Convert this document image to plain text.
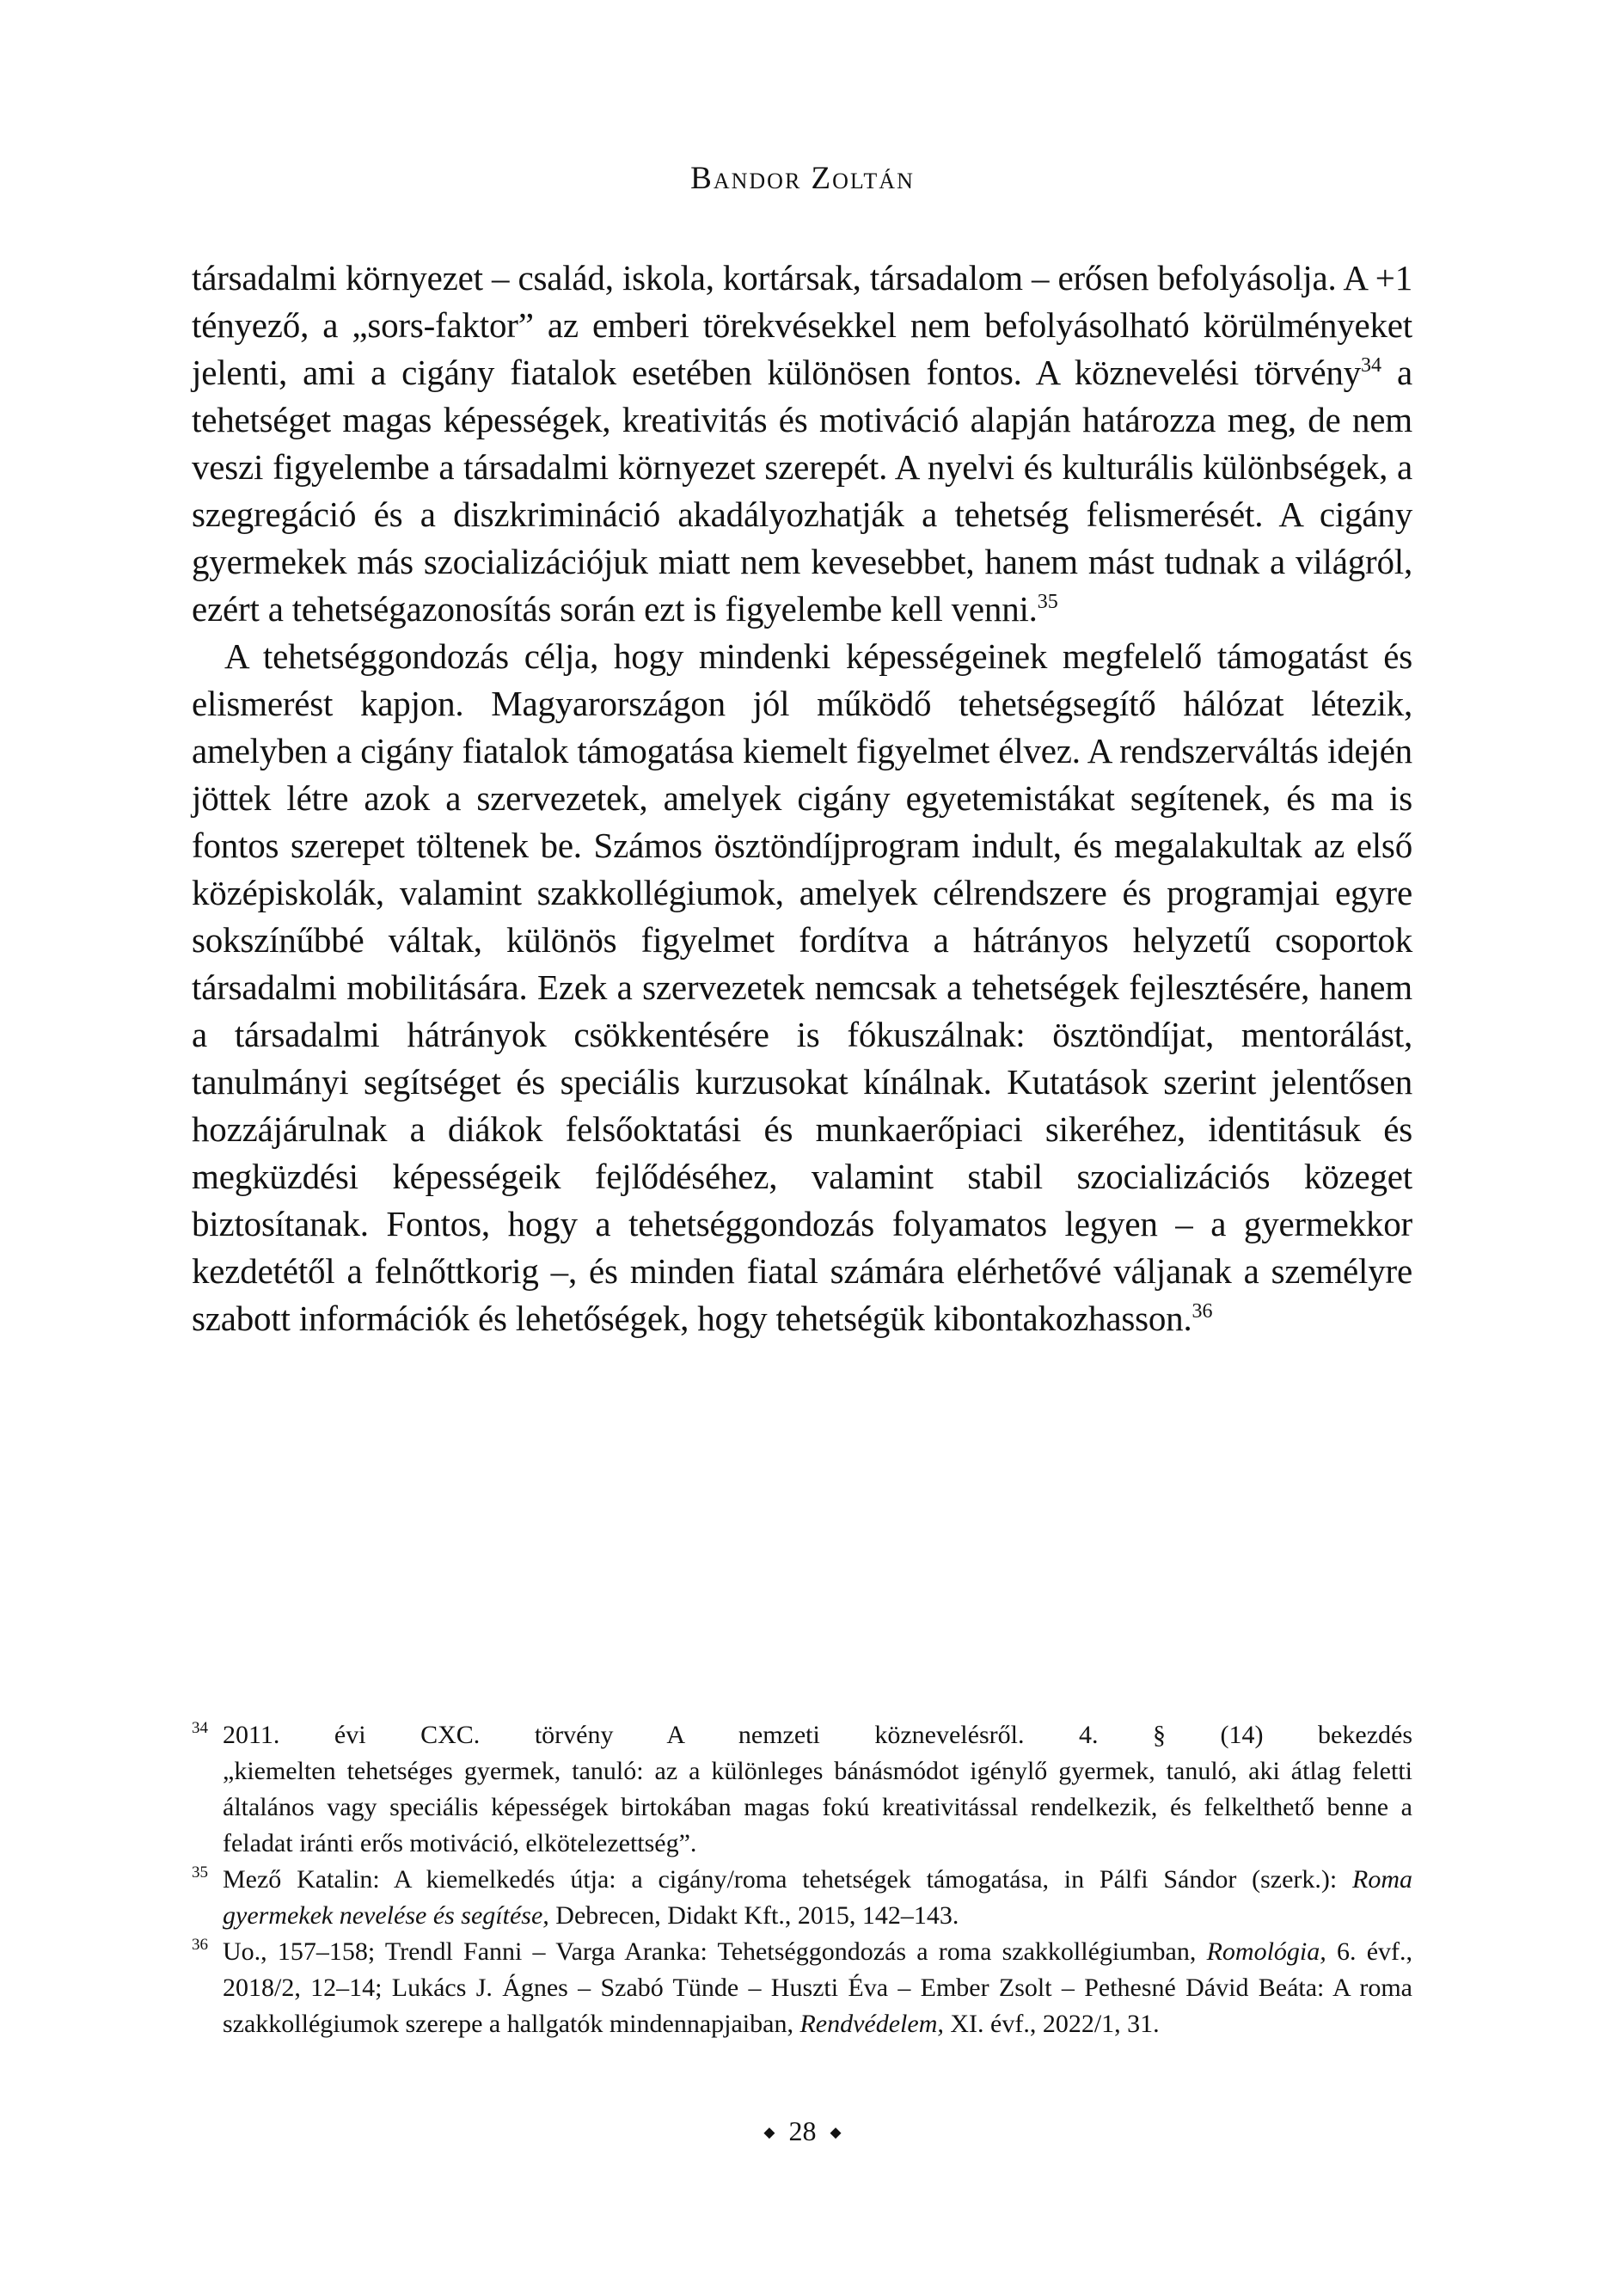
Bandor Zoltán

társadalmi környezet – család, iskola, kortársak, társadalom – erősen befolyásolja. A +1 tényező, a „sors-faktor” az emberi törekvésekkel nem befolyásolható körülményeket jelenti, ami a cigány fiatalok esetében különösen fontos. A köznevelési törvény$^{34}$ a tehetséget magas képességek, kreativitás és motiváció alapján határozza meg, de nem veszi figyelembe a társadalmi környezet szerepét. A nyelvi és kulturális különbségek, a szegregáció és a diszkrimináció akadályozhatják a tehetség felismerését. A cigány gyermekek más szocializációjuk miatt nem kevesebbet, hanem mást tudnak a világról, ezért a tehetségazonosítás során ezt is figyelembe kell venni.$^{35}$

A tehetséggondozás célja, hogy mindenki képességeinek megfelelő támogatást és elismerést kapjon. Magyarországon jól működő tehetségsegítő hálózat létezik, amelyben a cigány fiatalok támogatása kiemelt figyelmet élvez. A rendszerváltás idején jöttek létre azok a szervezetek, amelyek cigány egyetemistákat segítenek, és ma is fontos szerepet töltenek be. Számos ösztöndíjprogram indult, és megalakultak az első középiskolák, valamint szakkollégiumok, amelyek célrendszere és programjai egyre sokszínűbbé váltak, különös figyelmet fordítva a hátrányos helyzetű csoportok társadalmi mobilitására. Ezek a szervezetek nemcsak a tehetségek fejlesztésére, hanem a társadalmi hátrányok csökkentésére is fókuszálnak: ösztöndíjat, mentorálást, tanulmányi segítséget és speciális kurzusokat kínálnak. Kutatások szerint jelentősen hozzájárulnak a diákok felsőoktatási és munkaerőpiaci sikeréhez, identitásuk és megküzdési képességeik fejlődéséhez, valamint stabil szocializációs közeget biztosítanak. Fontos, hogy a tehetséggondozás folyamatos legyen – a gyermekkor kezdetétől a felnőttkorig –, és minden fiatal számára elérhetővé váljanak a személyre szabott információk és lehetőségek, hogy tehetségük kibontakozhasson.$^{36}$

34 2011. évi CXC. törvény A nemzeti köznevelésről. 4. § (14) bekezdés
„kiemelten tehetséges gyermek, tanuló: az a különleges bánásmódot igénylő gyermek, tanuló, aki átlag feletti általános vagy speciális képességek birtokában magas fokú kreativitással rendelkezik, és felkelthető benne a feladat iránti erős motiváció, elkötelezettség”.
35 Mező Katalin: A kiemelkedés útja: a cigány/roma tehetségek támogatása, in Pálfi Sándor (szerk.): Roma gyermekek nevelése és segítése, Debrecen, Didakt Kft., 2015, 142–143.
36 Uo., 157–158; Trendl Fanni – Varga Aranka: Tehetséggondozás a roma szakkollégiumban, Romológia, 6. évf., 2018/2, 12–14; Lukács J. Ágnes – Szabó Tünde – Huszti Éva – Ember Zsolt – Pethesné Dávid Beáta: A roma szakkollégiumok szerepe a hallgatók mindennapjaiban, Rendvédelem, XI. évf., 2022/1, 31.
◆ 28 ◆
